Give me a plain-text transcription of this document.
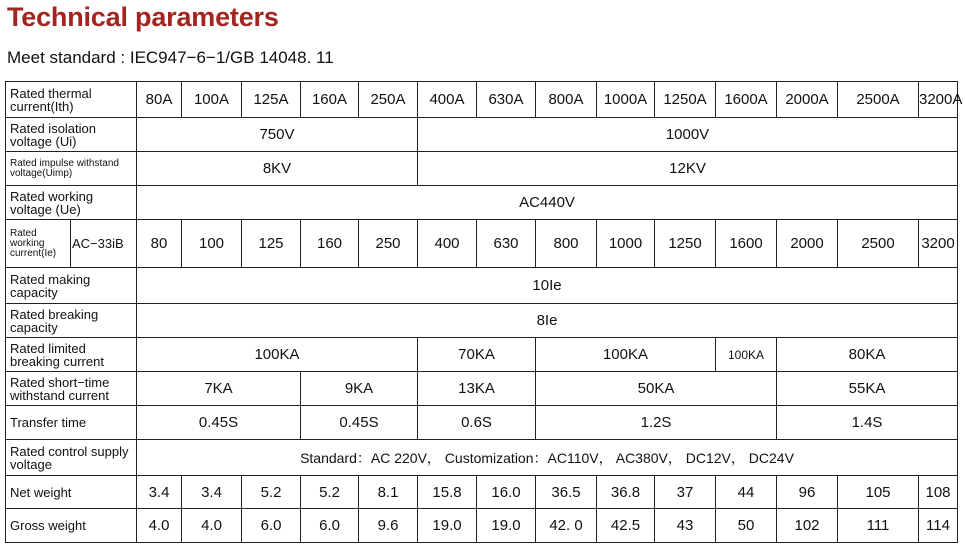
Technical parameters
Meet standard : IEC947−6−1/GB 14048. 11
Rated thermal current(Ith)		80A	100A	125A	160A	250A	400A	630A	800A	1000A	1250A	1600A	2000A	2500A	3200A
Rated isolation voltage (Ui)		750V					1000V								
Rated impulse withstand voltage(Uimp)		8KV					12KV								
Rated working voltage (Ue)		AC440V													
Rated working current(Ie)	AC−33iB	80	100	125	160	250	400	630	800	1000	1250	1600	2000	2500	3200
Rated making capacity		10Ie													
Rated breaking capacity		8Ie													
Rated limited breaking current		100KA					70KA		100KA			100KA	80KA		
Rated short−time withstand current		7KA			9KA		13KA		50KA				55KA		
Transfer time		0.45S			0.45S		0.6S		1.2S				1.4S		
Rated control supply voltage		Standard：AC 220V， Customization：AC110V， AC380V， DC12V， DC24V													
Net weight		3.4	3.4	5.2	5.2	8.1	15.8	16.0	36.5	36.8	37	44	96	105	108
Gross weight		4.0	4.0	6.0	6.0	9.6	19.0	19.0	42. 0	42.5	43	50	102	111	114
